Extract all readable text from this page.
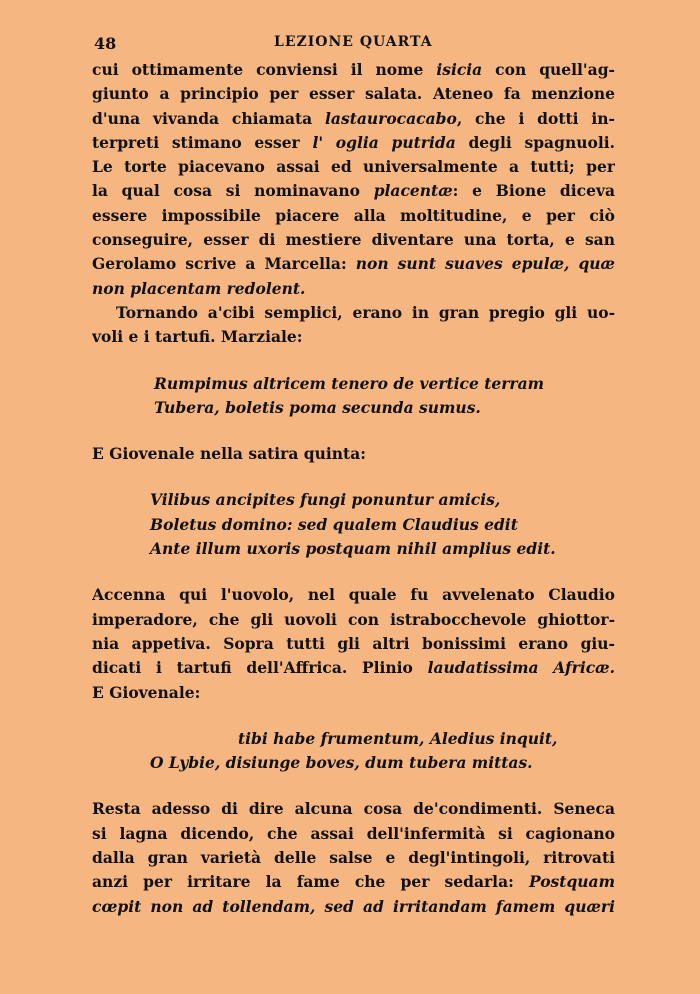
48	LEZIONE QUARTA
cui ottimamente conviensi il nome isicia con quell'ag-
giunto a principio per esser salata. Ateneo fa menzione
d'una vivanda chiamata lastaurocacabo, che i dotti in-
terpreti stimano esser l' oglia putrida degli spagnuoli.
Le torte piacevano assai ed universalmente a tutti; per
la qual cosa si nominavano placentæ: e Bione diceva
essere impossibile piacere alla moltitudine, e per ciò
conseguire, esser di mestiere diventare una torta, e san
Gerolamo scrive a Marcella: non sunt suaves epulæ, quæ
non placentam redolent.
Tornando a'cibi semplici, erano in gran pregio gli uo-
voli e i tartufi. Marziale:
Rumpimus altricem tenero de vertice terram
Tubera, boletis poma secunda sumus.
E Giovenale nella satira quinta:
Vilibus ancipites fungi ponuntur amicis,
Boletus domino: sed qualem Claudius edit
Ante illum uxoris postquam nihil amplius edit.
Accenna qui l'uovolo, nel quale fu avvelenato Claudio
imperadore, che gli uovoli con istrabocchevole ghiottor-
nia appetiva. Sopra tutti gli altri bonissimi erano giu-
dicati i tartufi dell'Affrica. Plinio laudatissima Africæ.
E Giovenale:
tibi habe frumentum, Aledius inquit,
O Lybie, disiunge boves, dum tubera mittas.
Resta adesso di dire alcuna cosa de'condimenti. Seneca
si lagna dicendo, che assai dell'infermità si cagionano
dalla gran varietà delle salse e degl'intingoli, ritrovati
anzi per irritare la fame che per sedarla: Postquam
cœpit non ad tollendam, sed ad irritandam famem quæri
